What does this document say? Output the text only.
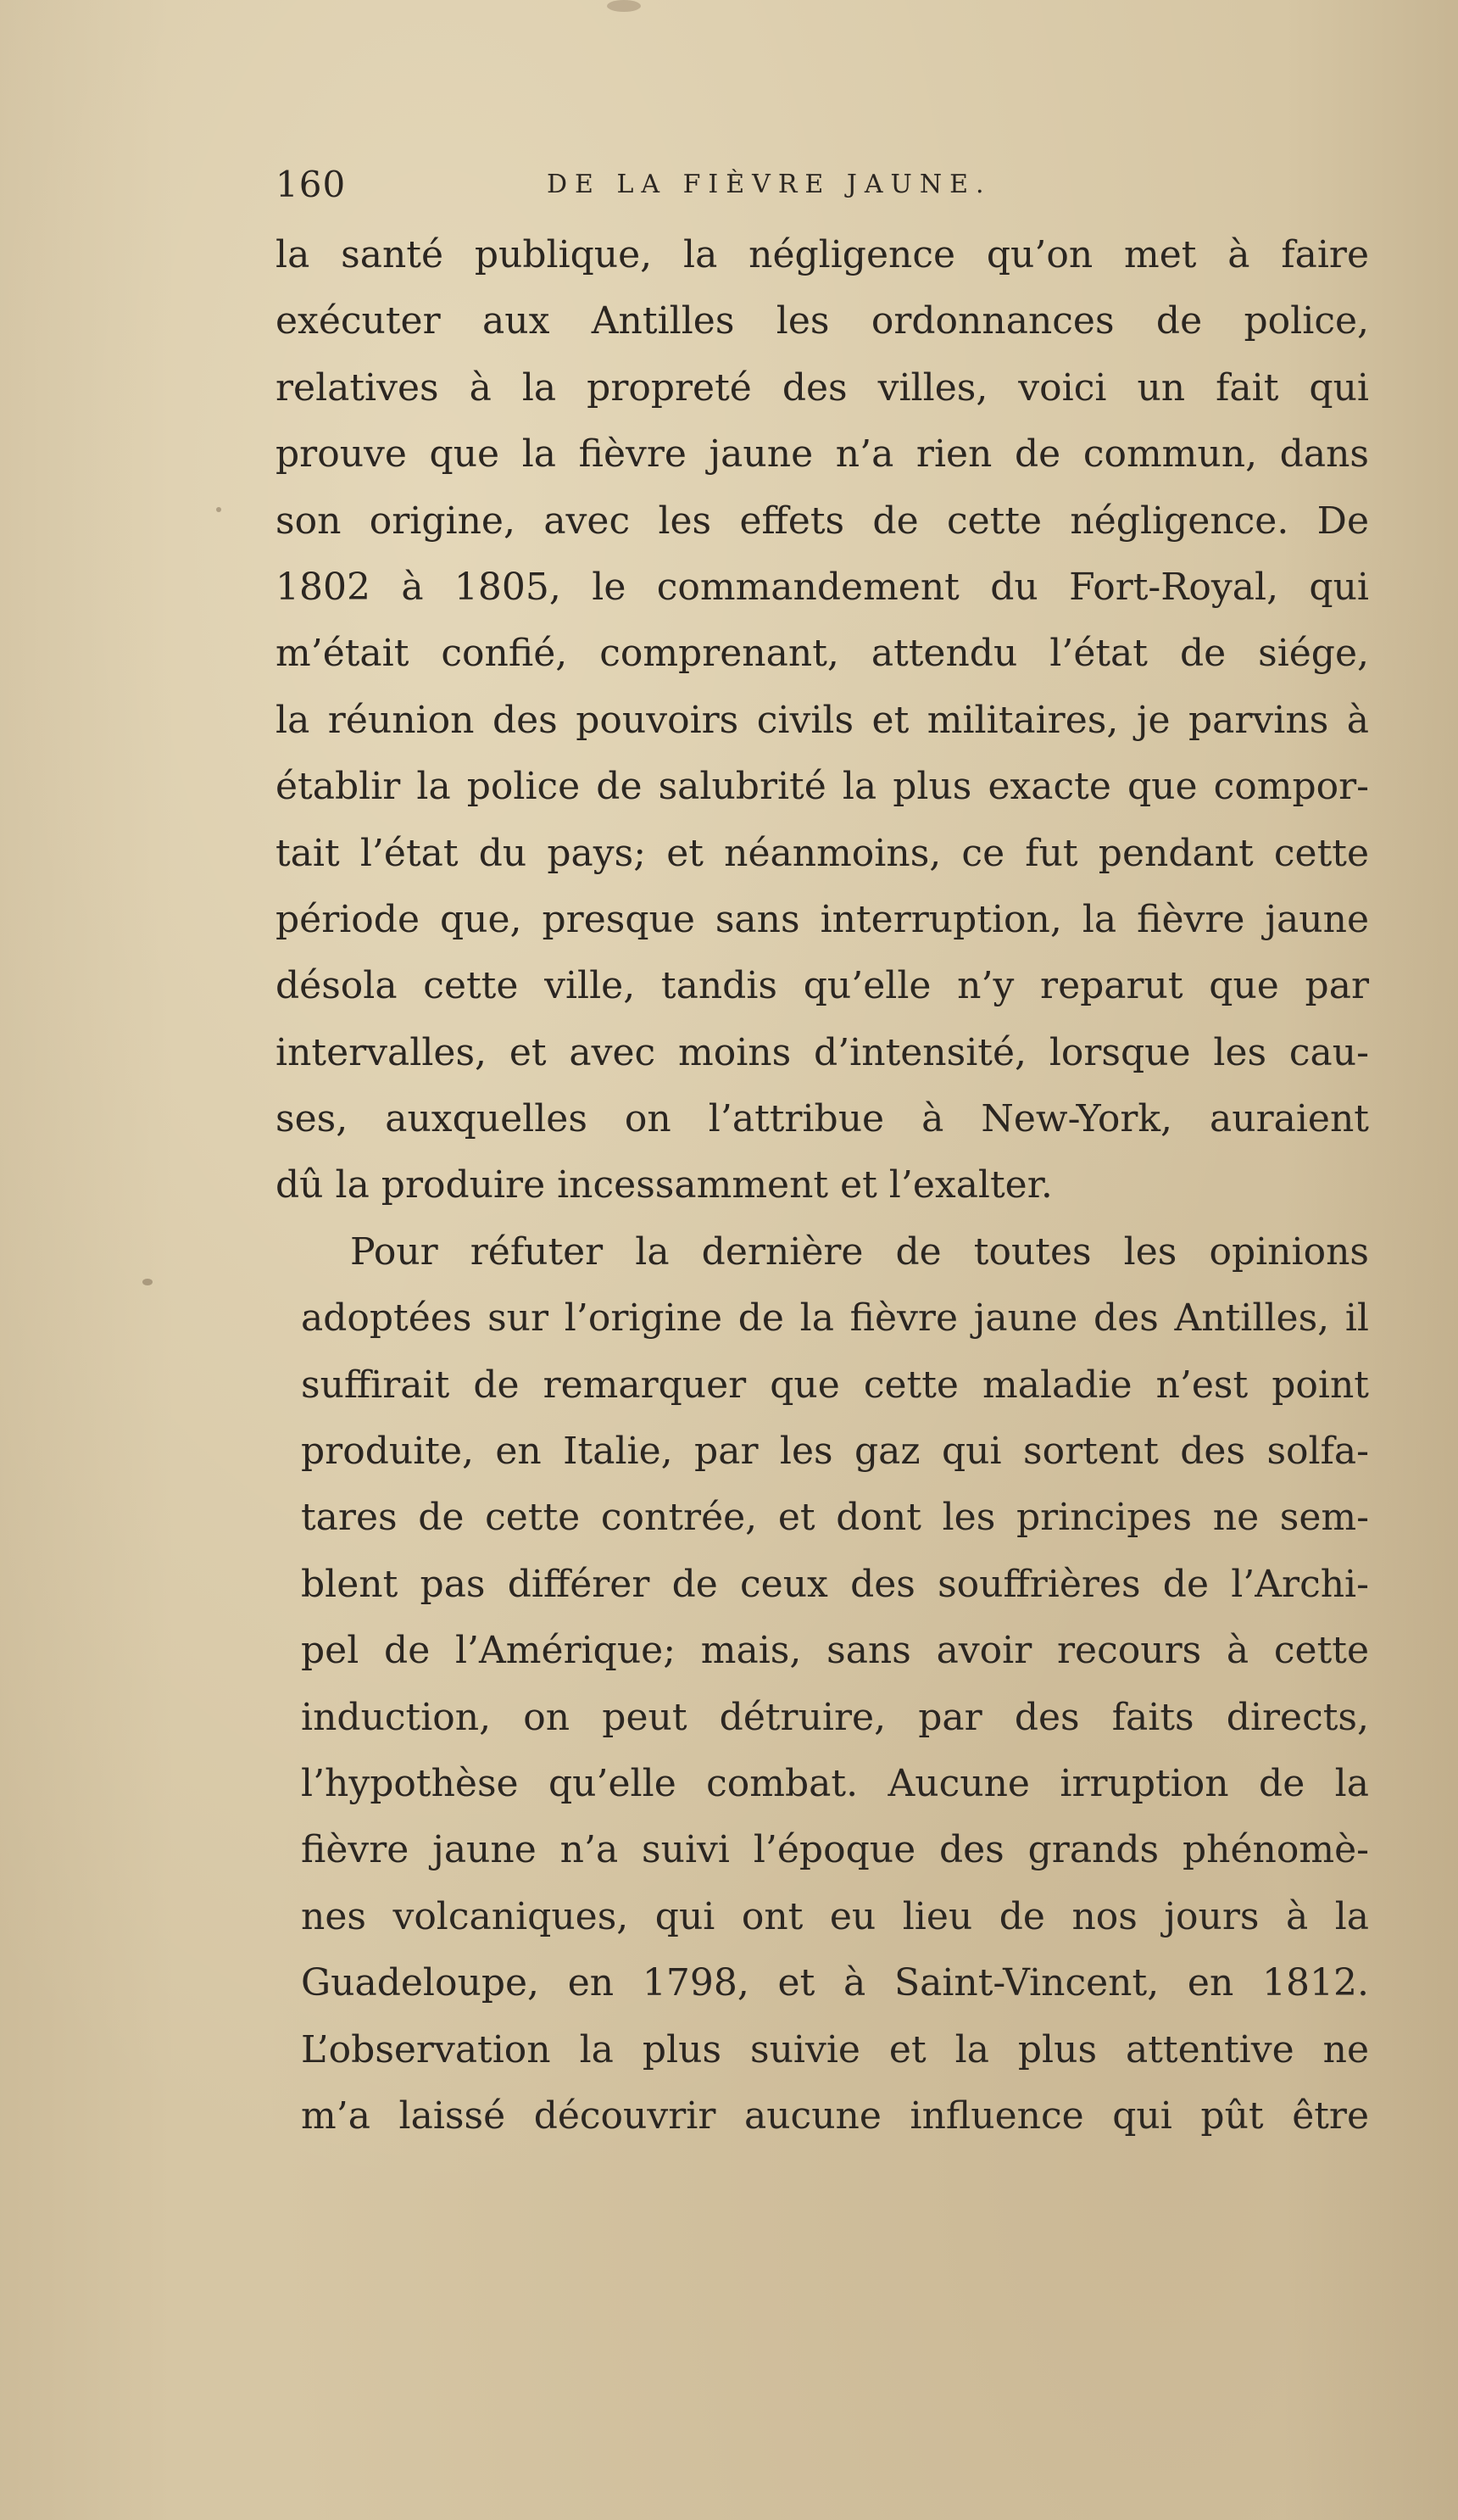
160	DE LA FIÈVRE JAUNE.
la santé publique, la négligence qu’on met à faire
exécuter aux Antilles les ordonnances de police,
relatives à la propreté des villes, voici un fait qui
prouve que la fièvre jaune n’a rien de commun, dans
son origine, avec les effets de cette négligence. De
1802 à 1805, le commandement du Fort-Royal, qui
m’était confié, comprenant, attendu l’état de siége,
la réunion des pouvoirs civils et militaires, je parvins à
établir la police de salubrité la plus exacte que compor-
tait l’état du pays; et néanmoins, ce fut pendant cette
période que, presque sans interruption, la fièvre jaune
désola cette ville, tandis qu’elle n’y reparut que par
intervalles, et avec moins d’intensité, lorsque les cau-
ses, auxquelles on l’attribue à New-York, auraient
dû la produire incessamment et l’exalter.
Pour réfuter la dernière de toutes les opinions
adoptées sur l’origine de la fièvre jaune des Antilles, il
suffirait de remarquer que cette maladie n’est point
produite, en Italie, par les gaz qui sortent des solfa-
tares de cette contrée, et dont les principes ne sem-
blent pas différer de ceux des souffrières de l’Archi-
pel de l’Amérique; mais, sans avoir recours à cette
induction, on peut détruire, par des faits directs,
l’hypothèse qu’elle combat. Aucune irruption de la
fièvre jaune n’a suivi l’époque des grands phénomè-
nes volcaniques, qui ont eu lieu de nos jours à la
Guadeloupe, en 1798, et à Saint-Vincent, en 1812.
L’observation la plus suivie et la plus attentive ne
m’a laissé découvrir aucune influence qui pût être
